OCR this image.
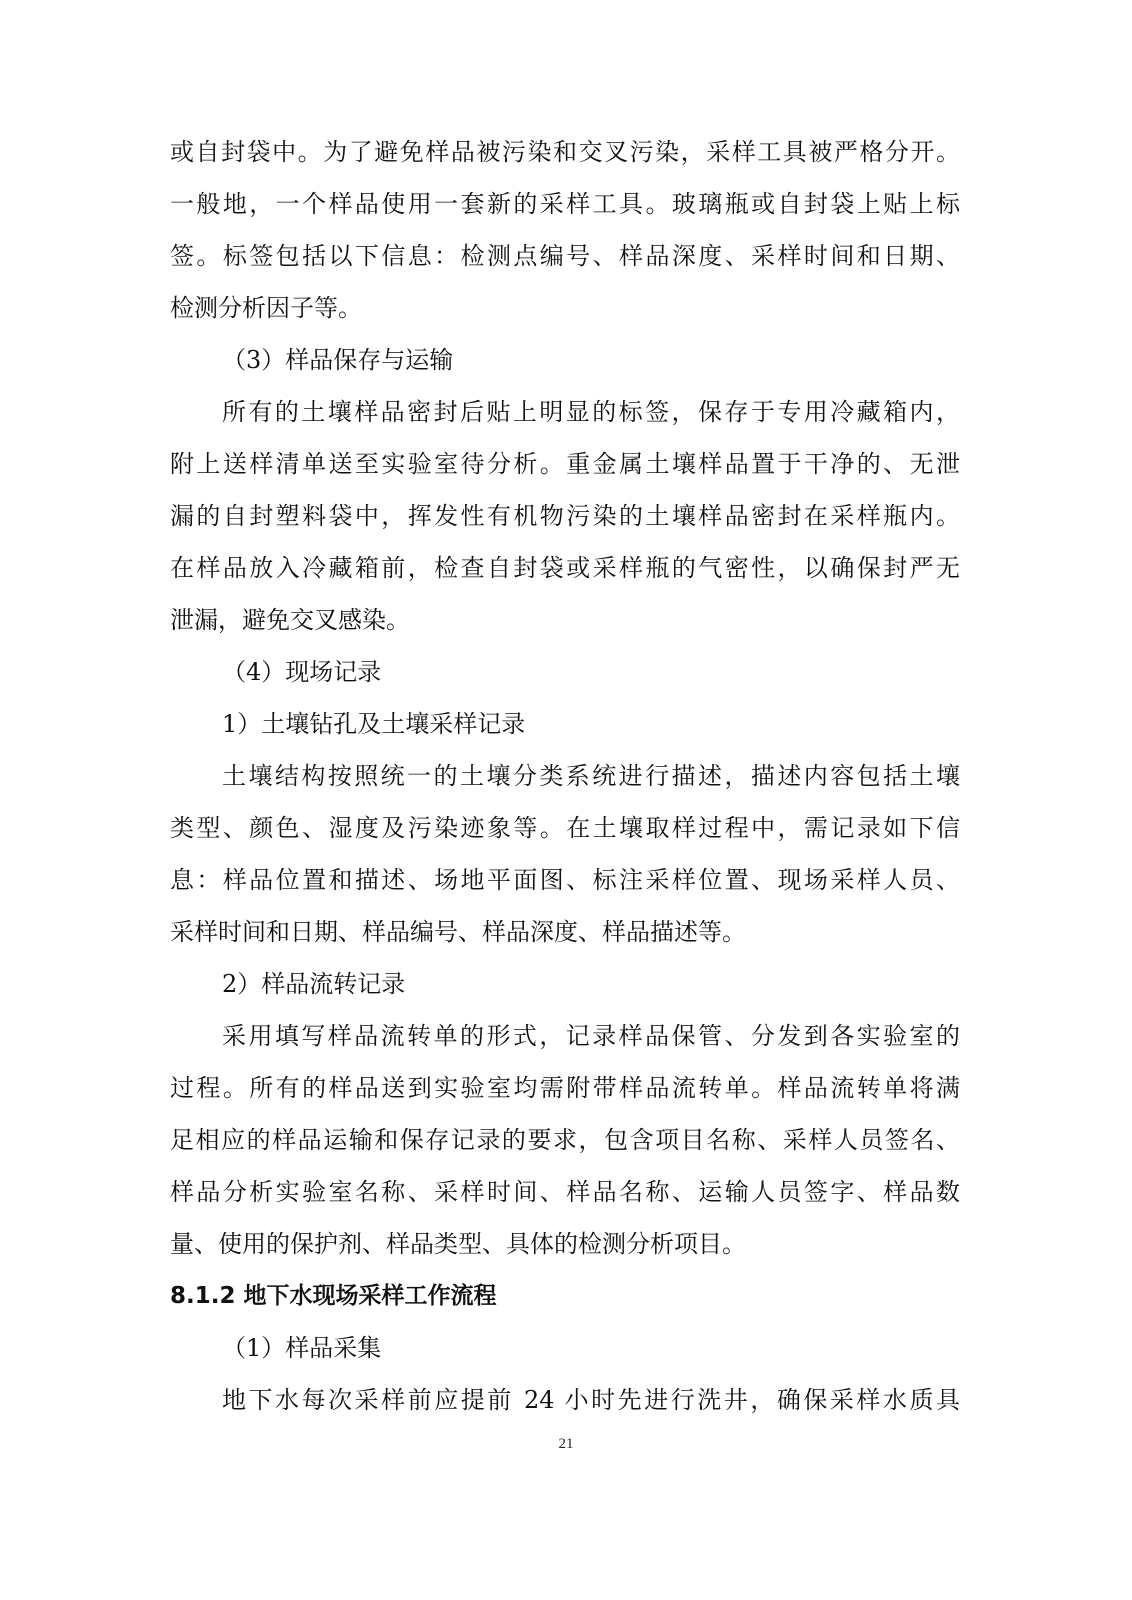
或自封袋中。为了避免样品被污染和交叉污染，采样工具被严格分开。
一般地，一个样品使用一套新的采样工具。玻璃瓶或自封袋上贴上标
签。标签包括以下信息：检测点编号、样品深度、采样时间和日期、
检测分析因子等。
（3）样品保存与运输
所有的土壤样品密封后贴上明显的标签，保存于专用冷藏箱内，
附上送样清单送至实验室待分析。重金属土壤样品置于干净的、无泄
漏的自封塑料袋中，挥发性有机物污染的土壤样品密封在采样瓶内。
在样品放入冷藏箱前，检查自封袋或采样瓶的气密性，以确保封严无
泄漏，避免交叉感染。
（4）现场记录
1）土壤钻孔及土壤采样记录
土壤结构按照统一的土壤分类系统进行描述，描述内容包括土壤
类型、颜色、湿度及污染迹象等。在土壤取样过程中，需记录如下信
息：样品位置和描述、场地平面图、标注采样位置、现场采样人员、
采样时间和日期、样品编号、样品深度、样品描述等。
2）样品流转记录
采用填写样品流转单的形式，记录样品保管、分发到各实验室的
过程。所有的样品送到实验室均需附带样品流转单。样品流转单将满
足相应的样品运输和保存记录的要求，包含项目名称、采样人员签名、
样品分析实验室名称、采样时间、样品名称、运输人员签字、样品数
量、使用的保护剂、样品类型、具体的检测分析项目。
8.1.2 地下水现场采样工作流程
（1）样品采集
地下水每次采样前应提前 24 小时先进行洗井，确保采样水质具
21
